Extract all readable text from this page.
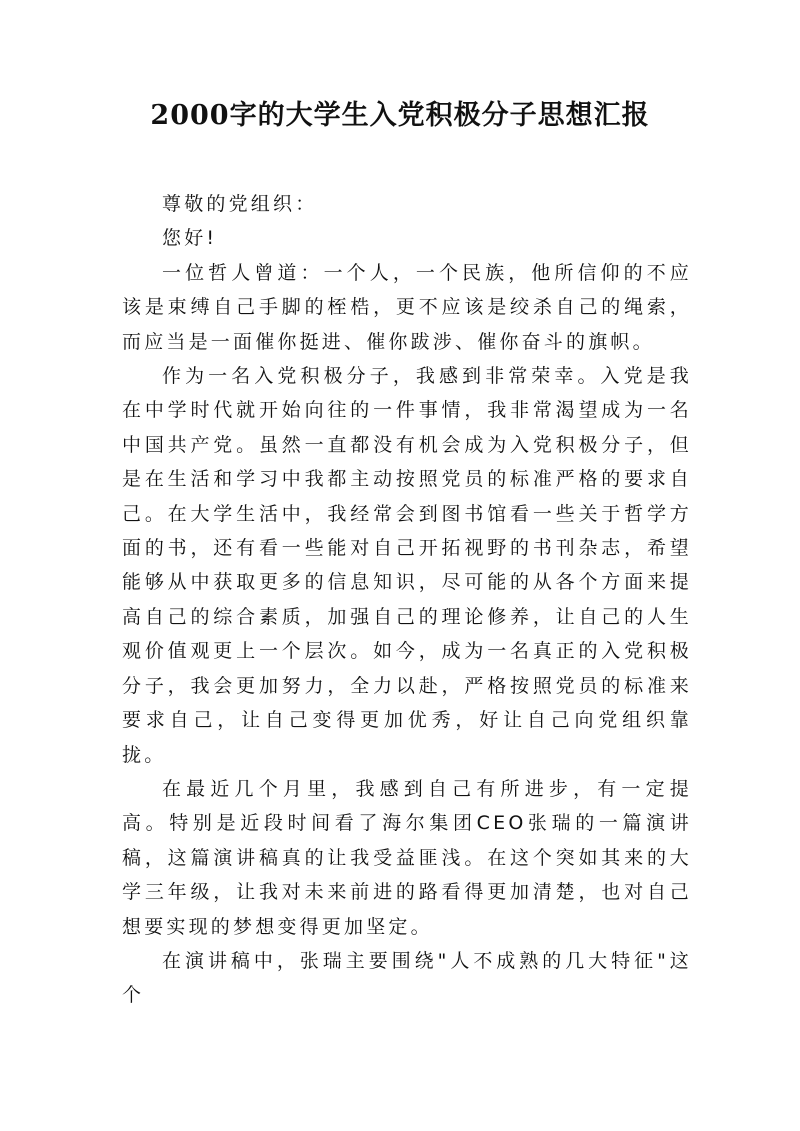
2000字的大学生入党积极分子思想汇报

尊敬的党组织：

您好!

一位哲人曾道：一个人，一个民族，他所信仰的不应该是束缚自己手脚的桎梏，更不应该是绞杀自己的绳索，而应当是一面催你挺进、催你跋涉、催你奋斗的旗帜。

作为一名入党积极分子，我感到非常荣幸。入党是我在中学时代就开始向往的一件事情，我非常渴望成为一名中国共产党。虽然一直都没有机会成为入党积极分子，但是在生活和学习中我都主动按照党员的标准严格的要求自己。在大学生活中，我经常会到图书馆看一些关于哲学方面的书，还有看一些能对自己开拓视野的书刊杂志，希望能够从中获取更多的信息知识，尽可能的从各个方面来提高自己的综合素质，加强自己的理论修养，让自己的人生观价值观更上一个层次。如今，成为一名真正的入党积极分子，我会更加努力，全力以赴，严格按照党员的标准来要求自己，让自己变得更加优秀，好让自己向党组织靠拢。

在最近几个月里，我感到自己有所进步，有一定提高。特别是近段时间看了海尔集团CEO张瑞的一篇演讲稿，这篇演讲稿真的让我受益匪浅。在这个突如其来的大学三年级，让我对未来前进的路看得更加清楚，也对自己想要实现的梦想变得更加坚定。

在演讲稿中，张瑞主要围绕"人不成熟的几大特征"这个
